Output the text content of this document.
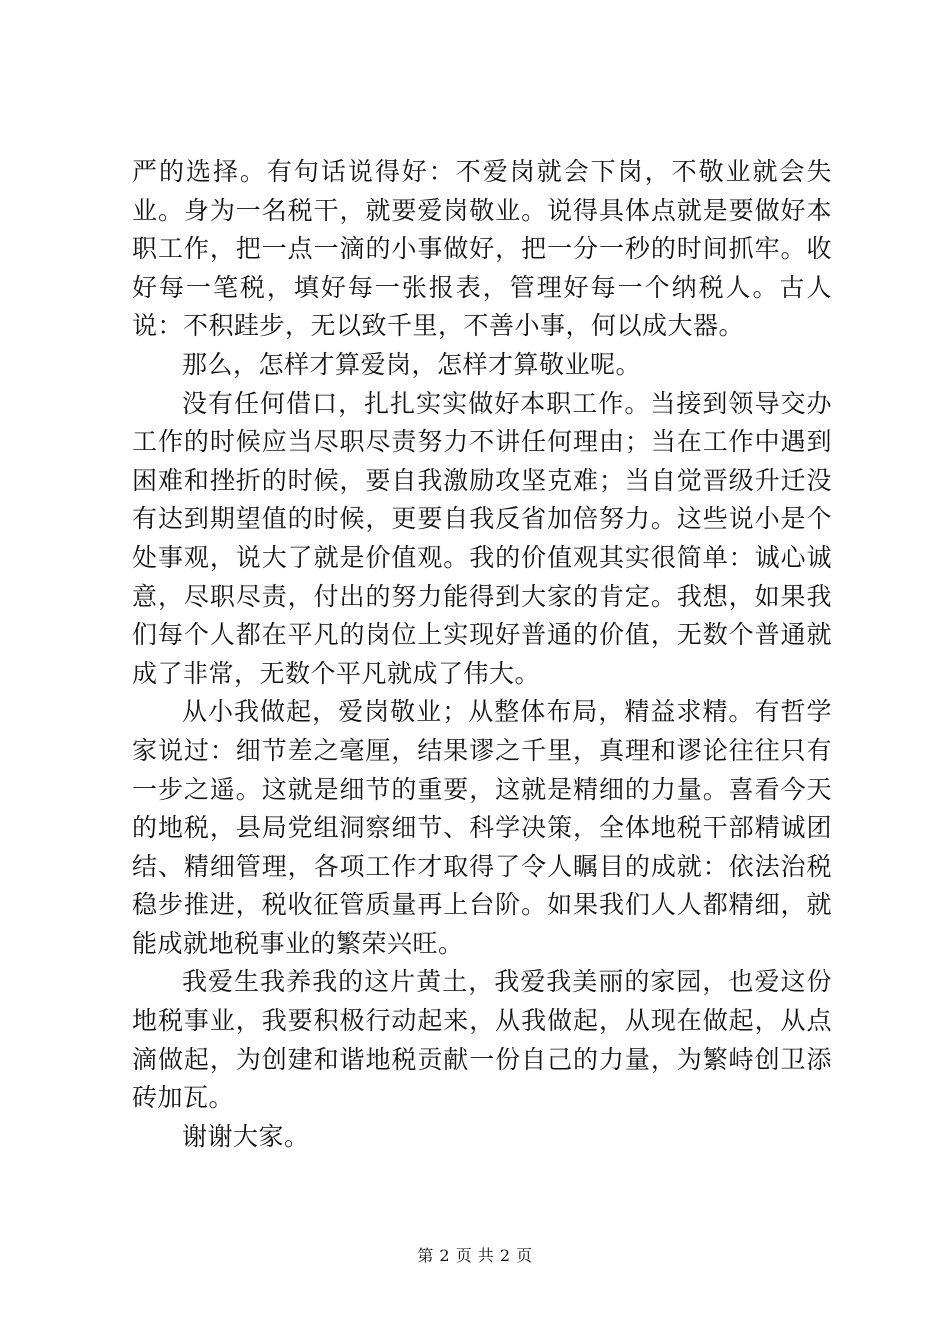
严的选择。有句话说得好：不爱岗就会下岗，不敬业就会失业。身为一名税干，就要爱岗敬业。说得具体点就是要做好本职工作，把一点一滴的小事做好，把一分一秒的时间抓牢。收好每一笔税，填好每一张报表，管理好每一个纳税人。古人说：不积跬步，无以致千里，不善小事，何以成大器。

那么，怎样才算爱岗，怎样才算敬业呢。

没有任何借口，扎扎实实做好本职工作。当接到领导交办工作的时候应当尽职尽责努力不讲任何理由；当在工作中遇到困难和挫折的时候，要自我激励攻坚克难；当自觉晋级升迁没有达到期望值的时候，更要自我反省加倍努力。这些说小是个处事观，说大了就是价值观。我的价值观其实很简单：诚心诚意，尽职尽责，付出的努力能得到大家的肯定。我想，如果我们每个人都在平凡的岗位上实现好普通的价值，无数个普通就成了非常，无数个平凡就成了伟大。

从小我做起，爱岗敬业；从整体布局，精益求精。有哲学家说过：细节差之毫厘，结果谬之千里，真理和谬论往往只有一步之遥。这就是细节的重要，这就是精细的力量。喜看今天的地税，县局党组洞察细节、科学决策，全体地税干部精诚团结、精细管理，各项工作才取得了令人瞩目的成就：依法治税稳步推进，税收征管质量再上台阶。如果我们人人都精细，就能成就地税事业的繁荣兴旺。

我爱生我养我的这片黄土，我爱我美丽的家园，也爱这份地税事业，我要积极行动起来，从我做起，从现在做起，从点滴做起，为创建和谐地税贡献一份自己的力量，为繁峙创卫添砖加瓦。

谢谢大家。

第 2 页 共 2 页
